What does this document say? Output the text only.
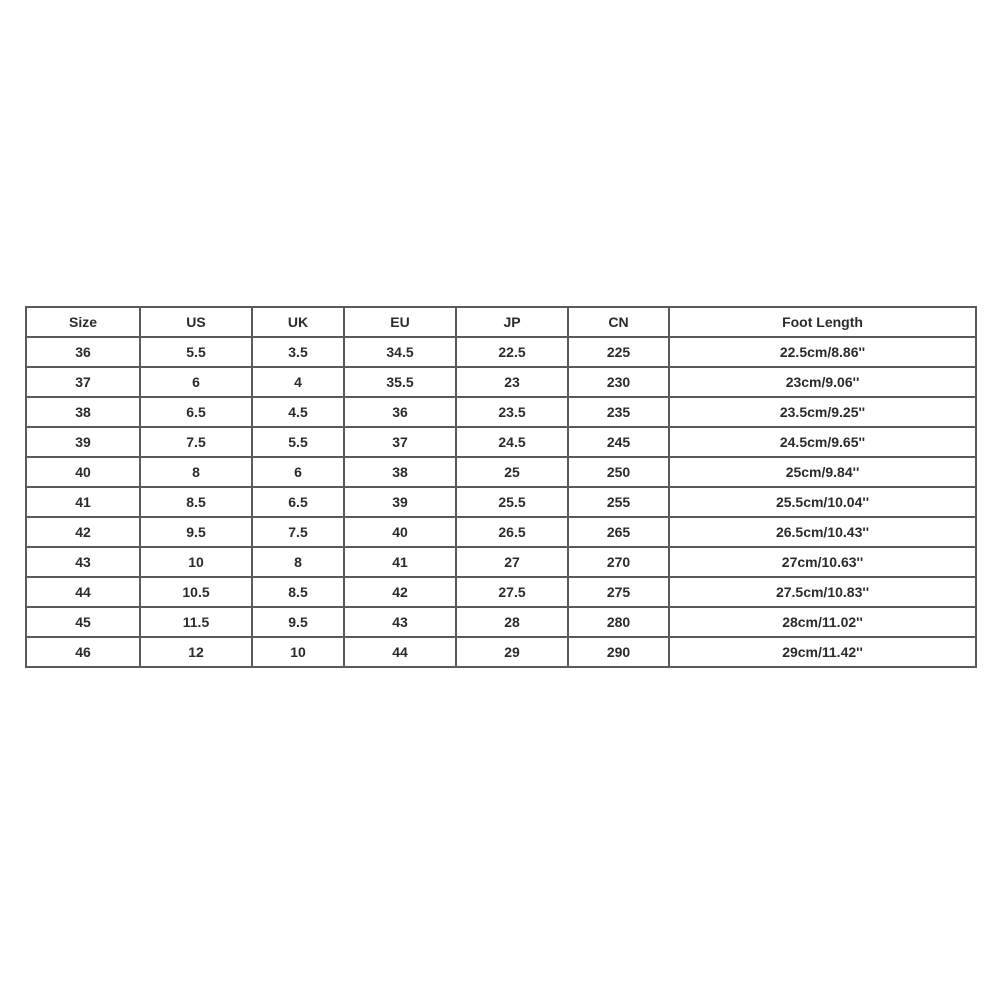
Size	US	UK	EU	JP	CN	Foot Length
36	5.5	3.5	34.5	22.5	225	22.5cm/8.86''
37	6	4	35.5	23	230	23cm/9.06''
38	6.5	4.5	36	23.5	235	23.5cm/9.25''
39	7.5	5.5	37	24.5	245	24.5cm/9.65''
40	8	6	38	25	250	25cm/9.84''
41	8.5	6.5	39	25.5	255	25.5cm/10.04''
42	9.5	7.5	40	26.5	265	26.5cm/10.43''
43	10	8	41	27	270	27cm/10.63''
44	10.5	8.5	42	27.5	275	27.5cm/10.83''
45	11.5	9.5	43	28	280	28cm/11.02''
46	12	10	44	29	290	29cm/11.42''
